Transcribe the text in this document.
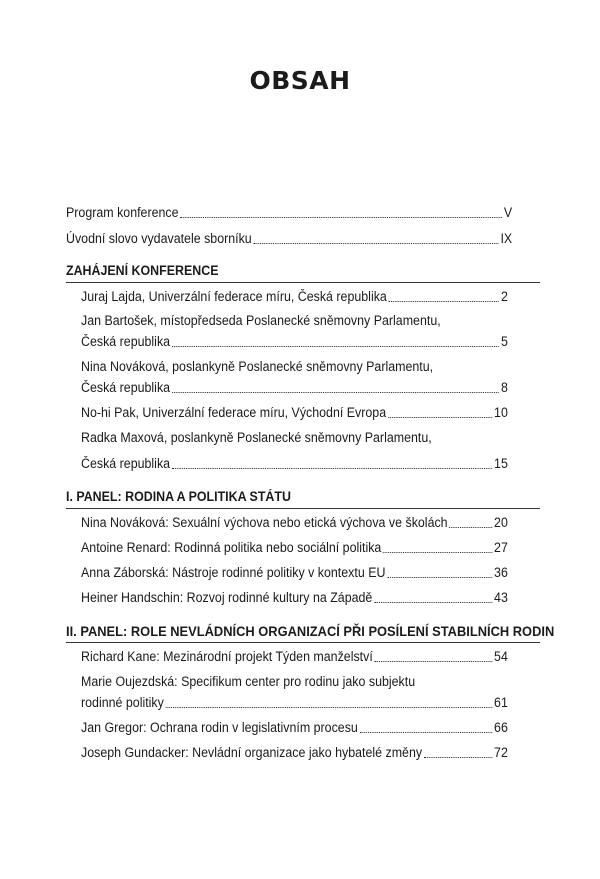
OBSAH
Program konference	V
Úvodní slovo vydavatele sborníku	IX
ZAHÁJENÍ KONFERENCE
Juraj Lajda, Univerzální federace míru, Česká republika	2
Jan Bartošek, místopředseda Poslanecké sněmovny Parlamentu,
Česká republika	5
Nina Nováková, poslankyně Poslanecké sněmovny Parlamentu,
Česká republika	8
No-hi Pak, Univerzální federace míru, Východní Evropa	10
Radka Maxová, poslankyně Poslanecké sněmovny Parlamentu,
Česká republika	15
I. PANEL: RODINA A POLITIKA STÁTU
Nina Nováková: Sexuální výchova nebo etická výchova ve školách	20
Antoine Renard: Rodinná politika nebo sociální politika	27
Anna Záborská: Nástroje rodinné politiky v kontextu EU	36
Heiner Handschin: Rozvoj rodinné kultury na Západě	43
II. PANEL: ROLE NEVLÁDNÍCH ORGANIZACÍ PŘI POSÍLENÍ STABILNÍCH RODIN
Richard Kane: Mezinárodní projekt Týden manželství	54
Marie Oujezdská: Specifikum center pro rodinu jako subjektu
rodinné politiky	61
Jan Gregor: Ochrana rodin v legislativním procesu	66
Joseph Gundacker: Nevládní organizace jako hybatelé změny	72
